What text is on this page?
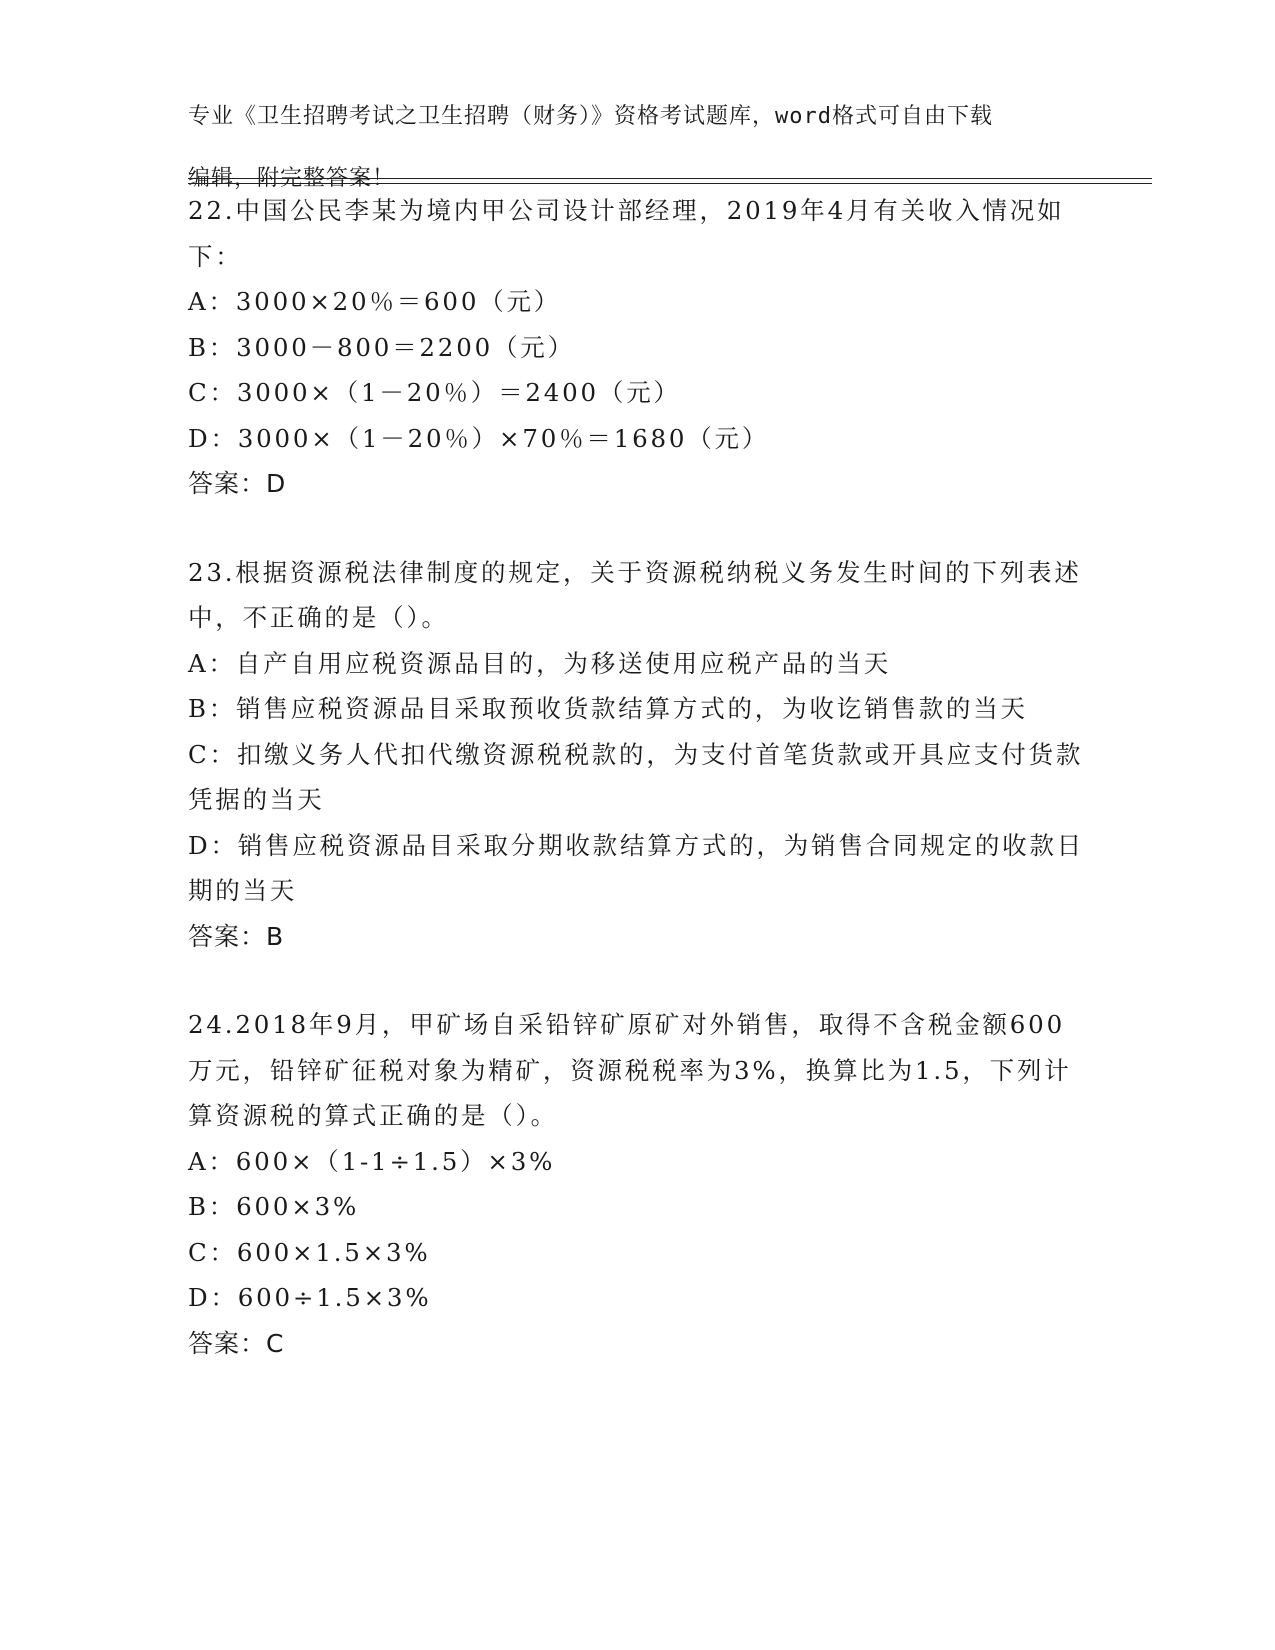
专业《卫生招聘考试之卫生招聘（财务）》资格考试题库，word格式可自由下载

编辑，附完整答案！

22.中国公民李某为境内甲公司设计部经理，2019年4月有关收入情况如下：

A：3000×20％＝600（元）

B：3000－800＝2200（元）

C：3000×（1－20％）＝2400（元）

D：3000×（1－20％）×70％＝1680（元）

答案：D

23.根据资源税法律制度的规定，关于资源税纳税义务发生时间的下列表述中，不正确的是（）。

A：自产自用应税资源品目的，为移送使用应税产品的当天

B：销售应税资源品目采取预收货款结算方式的，为收讫销售款的当天

C：扣缴义务人代扣代缴资源税税款的，为支付首笔货款或开具应支付货款凭据的当天

D：销售应税资源品目采取分期收款结算方式的，为销售合同规定的收款日期的当天

答案：B

24.2018年9月，甲矿场自采铅锌矿原矿对外销售，取得不含税金额600万元，铅锌矿征税对象为精矿，资源税税率为3%，换算比为1.5，下列计算资源税的算式正确的是（）。

A：600×（1-1÷1.5）×3%

B：600×3%

C：600×1.5×3%

D：600÷1.5×3%

答案：C
